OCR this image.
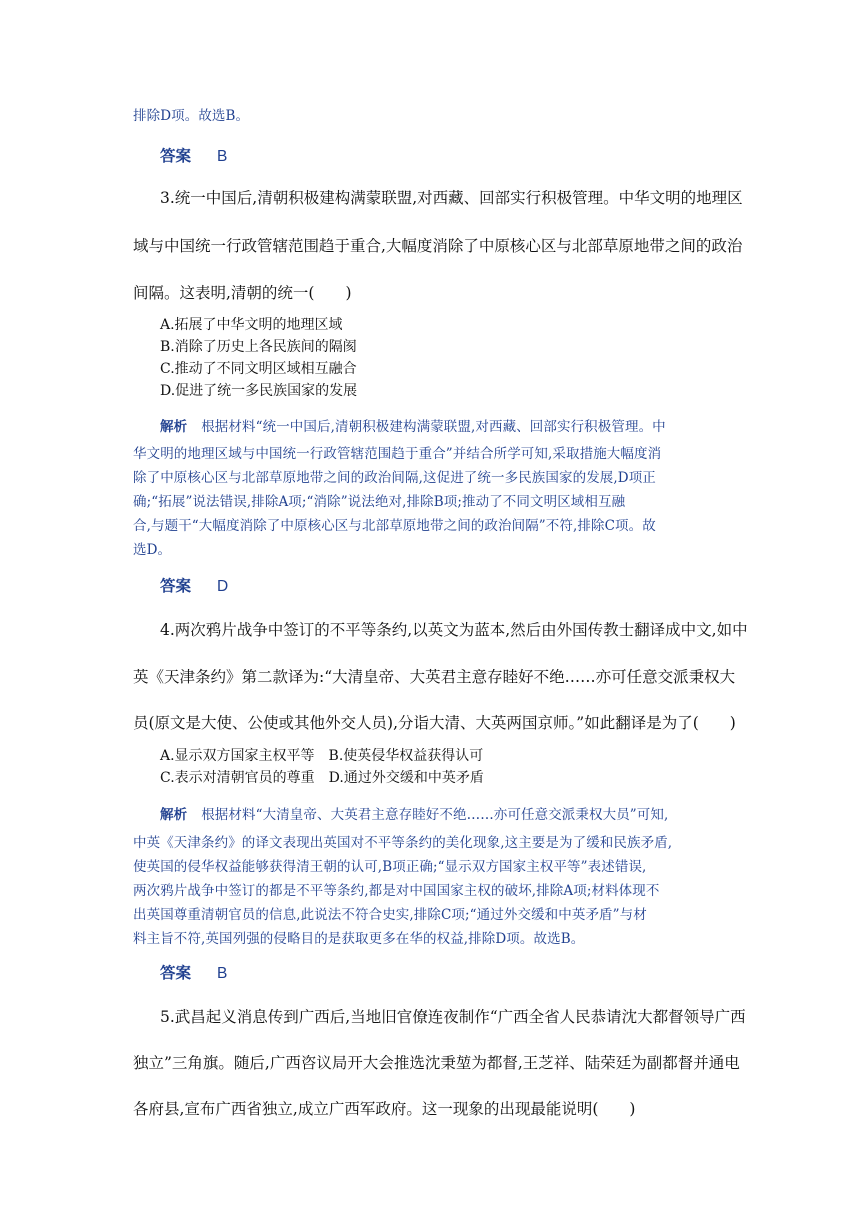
排除D项。故选B。
答案 B
3.统一中国后,清朝积极建构满蒙联盟,对西藏、回部实行积极管理。中华文明的地理区
域与中国统一行政管辖范围趋于重合,大幅度消除了中原核心区与北部草原地带之间的政治
间隔。这表明,清朝的统一(　　)
A.拓展了中华文明的地理区域
B.消除了历史上各民族间的隔阂
C.推动了不同文明区域相互融合
D.促进了统一多民族国家的发展
解析 根据材料“统一中国后,清朝积极建构满蒙联盟,对西藏、回部实行积极管理。中
华文明的地理区域与中国统一行政管辖范围趋于重合”并结合所学可知,采取措施大幅度消
除了中原核心区与北部草原地带之间的政治间隔,这促进了统一多民族国家的发展,D项正
确;“拓展”说法错误,排除A项;“消除”说法绝对,排除B项;推动了不同文明区域相互融
合,与题干“大幅度消除了中原核心区与北部草原地带之间的政治间隔”不符,排除C项。故
选D。
答案 D
4.两次鸦片战争中签订的不平等条约,以英文为蓝本,然后由外国传教士翻译成中文,如中
英《天津条约》第二款译为:“大清皇帝、大英君主意存睦好不绝……亦可任意交派秉权大
员(原文是大使、公使或其他外交人员),分诣大清、大英两国京师。”如此翻译是为了(　　)
A.显示双方国家主权平等　B.使英侵华权益获得认可
C.表示对清朝官员的尊重　D.通过外交缓和中英矛盾
解析 根据材料“大清皇帝、大英君主意存睦好不绝……亦可任意交派秉权大员”可知,
中英《天津条约》的译文表现出英国对不平等条约的美化现象,这主要是为了缓和民族矛盾,
使英国的侵华权益能够获得清王朝的认可,B项正确;“显示双方国家主权平等”表述错误,
两次鸦片战争中签订的都是不平等条约,都是对中国国家主权的破坏,排除A项;材料体现不
出英国尊重清朝官员的信息,此说法不符合史实,排除C项;“通过外交缓和中英矛盾”与材
料主旨不符,英国列强的侵略目的是获取更多在华的权益,排除D项。故选B。
答案 B
5.武昌起义消息传到广西后,当地旧官僚连夜制作“广西全省人民恭请沈大都督领导广西
独立”三角旗。随后,广西咨议局开大会推选沈秉堃为都督,王芝祥、陆荣廷为副都督并通电
各府县,宣布广西省独立,成立广西军政府。这一现象的出现最能说明(　　)
